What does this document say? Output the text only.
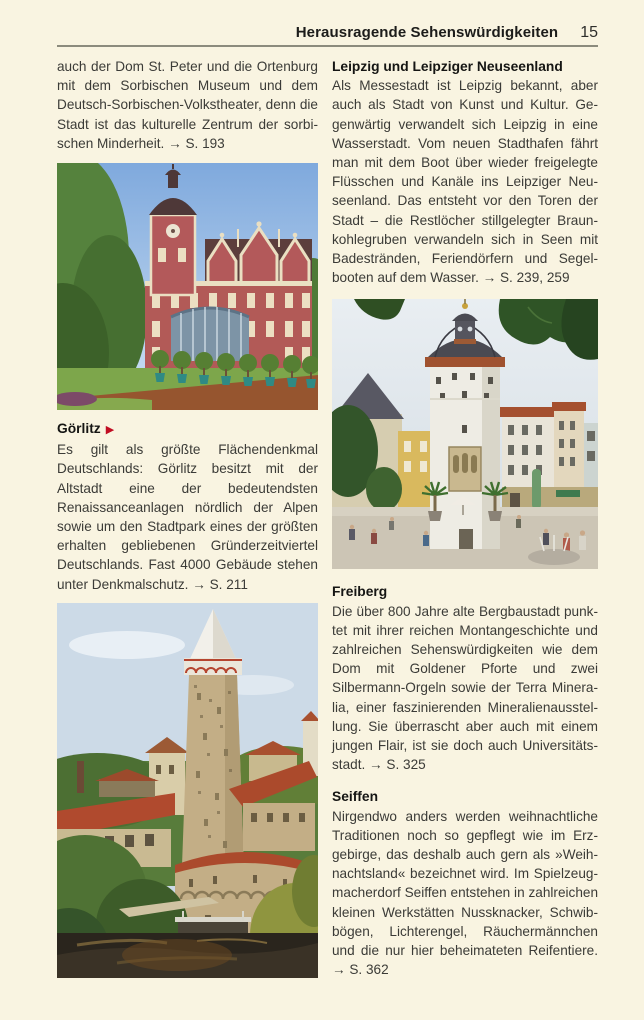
Herausragende Sehenswürdigkeiten 15

auch der Dom St. Peter und die Ortenburg mit dem Sorbischen Museum und dem Deutsch-Sorbischen-Volkstheater, denn die Stadt ist das kulturelle Zentrum der sorbischen Minderheit. → S. 193

Görlitz ▶

Es gilt als größte Flächendenkmal Deutschlands: Görlitz besitzt mit der Altstadt eine der bedeutendsten Renaissanceanlagen nördlich der Alpen sowie um den Stadtpark eines der größten erhalten gebliebenen Gründerzeitviertel Deutschlands. Fast 4000 Gebäude stehen unter Denkmalschutz. → S. 211

Leipzig und Leipziger Neuseenland

Als Messestadt ist Leipzig bekannt, aber auch als Stadt von Kunst und Kultur. Gegenwärtig verwandelt sich Leipzig in eine Wasserstadt. Vom neuen Stadthafen fährt man mit dem Boot über wieder freigelegte Flüsschen und Kanäle ins Leipziger Neuseenland. Das entsteht vor den Toren der Stadt – die Restlöcher stillgelegter Braunkohlegruben verwandeln sich in Seen mit Badestränden, Feriendörfern und Segelbooten auf dem Wasser. → S. 239, 259

Freiberg

Die über 800 Jahre alte Bergbaustadt punktet mit ihrer reichen Montangeschichte und zahlreichen Sehenswürdigkeiten wie dem Dom mit Goldener Pforte und zwei Silbermann-Orgeln sowie der Terra Mineralia, einer faszinierenden Mineralienausstellung. Sie überrascht aber auch mit einem jungen Flair, ist sie doch auch Universitätsstadt. → S. 325

Seiffen

Nirgendwo anders werden weihnachtliche Traditionen noch so gepflegt wie im Erzgebirge, das deshalb auch gern als »Weihnachtsland« bezeichnet wird. Im Spielzeugmacherdorf Seiffen entstehen in zahlreichen kleinen Werkstätten Nussknacker, Schwibbögen, Lichterengel, Räuchermännchen und die nur hier beheimateten Reifentiere. → S. 362
